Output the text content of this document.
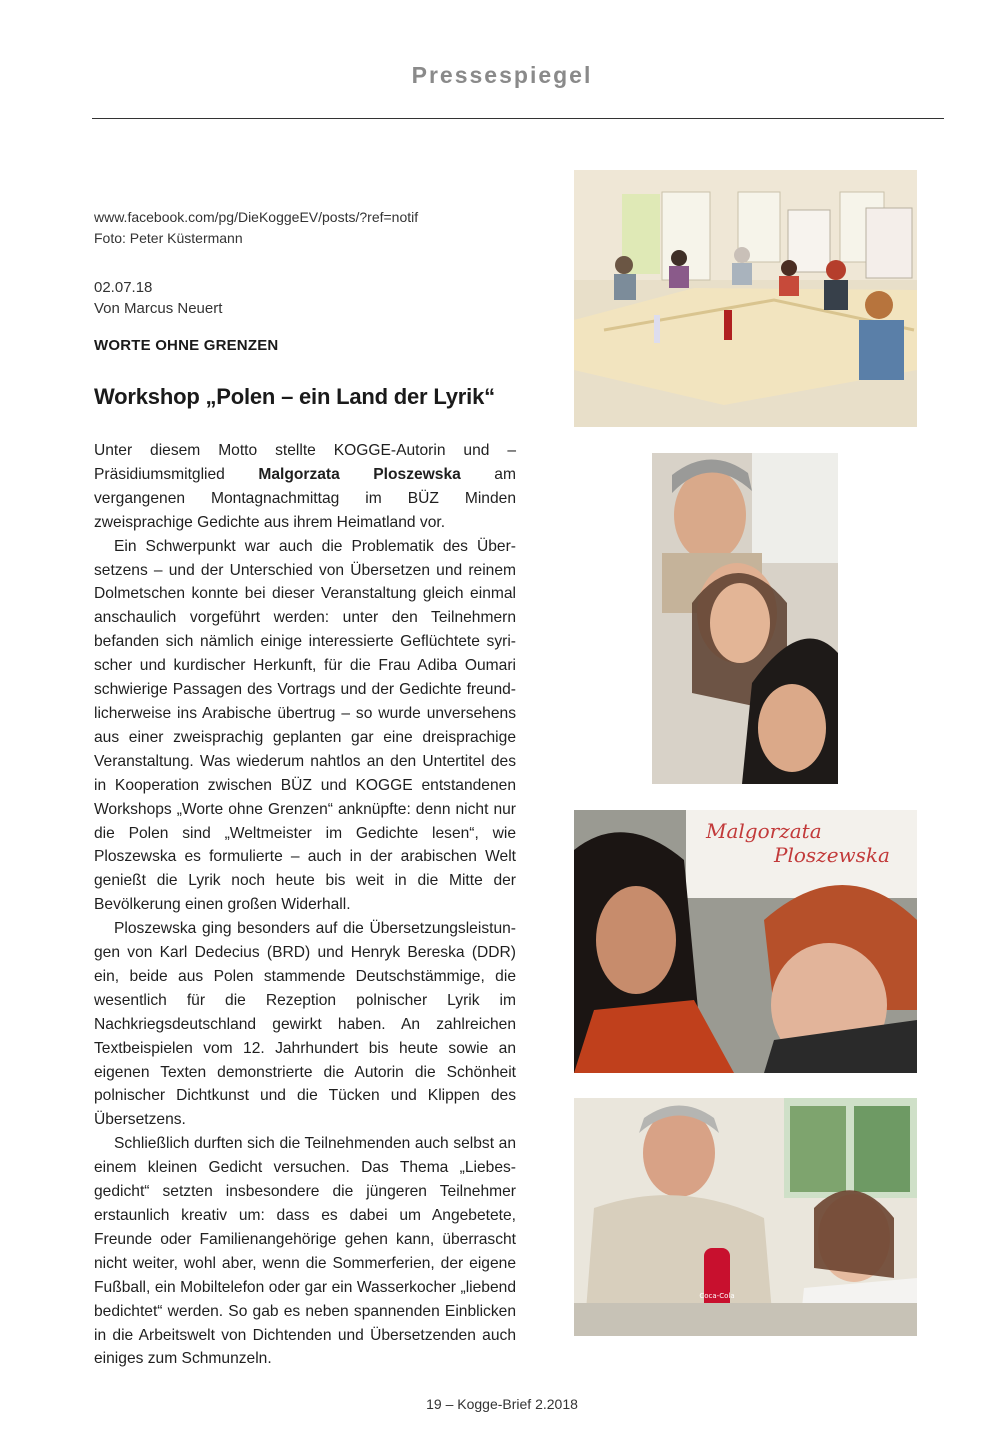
Pressespiegel
www.facebook.com/pg/DieKoggeEV/posts/?ref=notif
Foto: Peter Küstermann
02.07.18
Von Marcus Neuert
WORTE OHNE GRENZEN
Workshop „Polen – ein Land der Lyrik“

Unter diesem Motto stellte KOGGE-Autorin und – Präsidiumsmitglied Malgorzata Ploszewska am vergangenen Montagnachmittag im BÜZ Minden zweisprachige Gedichte aus ihrem Heimatland vor.

Ein Schwerpunkt war auch die Problematik des Übersetzens – und der Unterschied von Übersetzen und reinem Dolmetschen konnte bei dieser Veranstaltung gleich einmal anschaulich vorgeführt werden: unter den Teilnehmern befanden sich nämlich einige interessierte Geflüchtete syrischer und kurdischer Herkunft, für die Frau Adiba Oumari schwierige Passagen des Vortrags und der Gedichte freundlicherweise ins Arabische übertrug – so wurde unversehens aus einer zweisprachig geplanten gar eine dreisprachige Veranstaltung. Was wiederum nahtlos an den Untertitel des in Kooperation zwischen BÜZ und KOGGE entstandenen Workshops „Worte ohne Grenzen“ anknüpfte: denn nicht nur die Polen sind „Weltmeister im Gedichte lesen“, wie Ploszewska es formulierte – auch in der arabischen Welt genießt die Lyrik noch heute bis weit in die Mitte der Bevölkerung einen großen Widerhall.

Ploszewska ging besonders auf die Übersetzungsleistungen von Karl Dedecius (BRD) und Henryk Bereska (DDR) ein, beide aus Polen stammende Deutschstämmige, die wesentlich für die Rezeption polnischer Lyrik im Nachkriegsdeutschland gewirkt haben. An zahlreichen Textbeispielen vom 12. Jahrhundert bis heute sowie an eigenen Texten demonstrierte die Autorin die Schönheit polnischer Dichtkunst und die Tücken und Klippen des Übersetzens.

Schließlich durften sich die Teilnehmenden auch selbst an einem kleinen Gedicht versuchen. Das Thema „Liebesgedicht“ setzten insbesondere die jüngeren Teilnehmer erstaunlich kreativ um: dass es dabei um Angebetete, Freunde oder Familienangehörige gehen kann, überrascht nicht weiter, wohl aber, wenn die Sommerferien, der eigene Fußball, ein Mobiltelefon oder gar ein Wasserkocher „liebend bedichtet“ werden. So gab es neben spannenden Einblicken in die Arbeitswelt von Dichtenden und Übersetzenden auch einiges zum Schmunzeln.

Malgorzata
Ploszewska
Coca-Cola
19 – Kogge-Brief 2.2018
